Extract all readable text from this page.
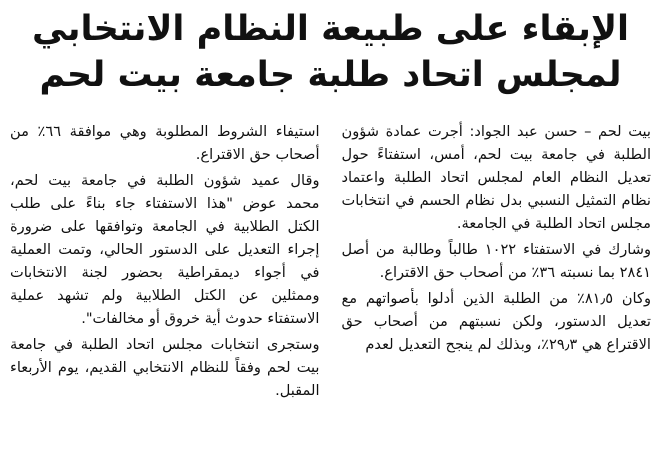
الإبقاء على طبيعة النظام الانتخابي
لمجلس اتحاد طلبة جامعة بيت لحم

بيت لحم – حسن عبد الجواد: أجرت عمادة شؤون الطلبة في جامعة بيت لحم، أمس، استفتاءً حول تعديل النظام العام لمجلس اتحاد الطلبة واعتماد نظام التمثيل النسبي بدل نظام الحسم في انتخابات مجلس اتحاد الطلبة في الجامعة.

وشارك في الاستفتاء ١٠٢٢ طالباً وطالبة من أصل ٢٨٤١ بما نسبته ٣٦٪ من أصحاب حق الاقتراع.

وكان ٨١٫٥٪ من الطلبة الذين أدلوا بأصواتهم مع تعديل الدستور، ولكن نسبتهم من أصحاب حق الاقتراع هي ٢٩٫٣٪، وبذلك لم ينجح التعديل لعدم

استيفاء الشروط المطلوبة وهي موافقة ٦٦٪ من أصحاب حق الاقتراع.

وقال عميد شؤون الطلبة في جامعة بيت لحم، محمد عوض "هذا الاستفتاء جاء بناءً على طلب الكتل الطلابية في الجامعة وتوافقها على ضرورة إجراء التعديل على الدستور الحالي، وتمت العملية في أجواء ديمقراطية بحضور لجنة الانتخابات وممثلين عن الكتل الطلابية ولم تشهد عملية الاستفتاء حدوث أية خروق أو مخالفات".

وستجرى انتخابات مجلس اتحاد الطلبة في جامعة بيت لحم وفقاً للنظام الانتخابي القديم، يوم الأربعاء المقبل.
